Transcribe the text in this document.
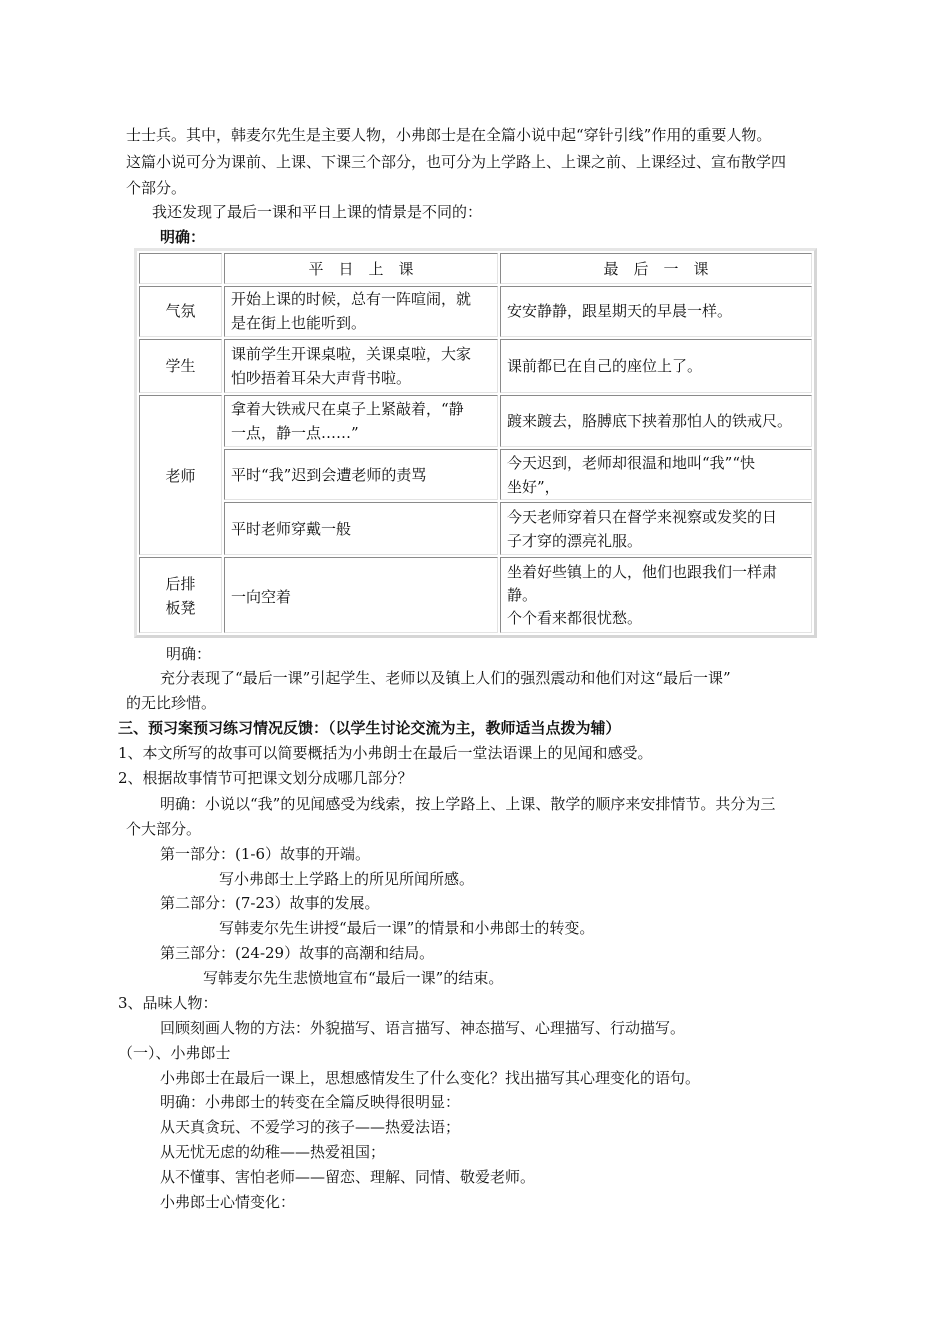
士士兵。其中，韩麦尔先生是主要人物，小弗郎士是在全篇小说中起“穿针引线”作用的重要人物。
这篇小说可分为课前、上课、下课三个部分，也可分为上学路上、上课之前、上课经过、宣布散学四
个部分。
我还发现了最后一课和平日上课的情景是不同的：
明确：
平　日　上　课	最　后　一　课
气氛
开始上课的时候，总有一阵喧闹，就
是在街上也能听到。
安安静静，跟星期天的早晨一样。
学生
课前学生开课桌啦，关课桌啦，大家
怕吵捂着耳朵大声背书啦。
课前都已在自己的座位上了。
老师
拿着大铁戒尺在桌子上紧敲着，“静
一点，静一点……”
踱来踱去，胳膊底下挟着那怕人的铁戒尺。
平时“我”迟到会遭老师的责骂
今天迟到，老师却很温和地叫“我”“快
坐好”，
平时老师穿戴一般
今天老师穿着只在督学来视察或发奖的日
子才穿的漂亮礼服。
后排
板凳
一向空着
坐着好些镇上的人，他们也跟我们一样肃
静。
个个看来都很忧愁。
明确：
充分表现了“最后一课”引起学生、老师以及镇上人们的强烈震动和他们对这“最后一课”
的无比珍惜。
三、预习案预习练习情况反馈：（以学生讨论交流为主，教师适当点拨为辅）
1、本文所写的故事可以简要概括为小弗朗士在最后一堂法语课上的见闻和感受。
2、根据故事情节可把课文划分成哪几部分？
明确：小说以“我”的见闻感受为线索，按上学路上、上课、散学的顺序来安排情节。共分为三
个大部分。
第一部分：(1-6）故事的开端。
写小弗郎士上学路上的所见所闻所感。
第二部分：(7-23）故事的发展。
写韩麦尔先生讲授“最后一课”的情景和小弗郎士的转变。
第三部分：(24-29）故事的高潮和结局。
写韩麦尔先生悲愤地宣布“最后一课”的结束。
3、品味人物：
回顾刻画人物的方法：外貌描写、语言描写、神态描写、心理描写、行动描写。
（一）、小弗郎士
小弗郎士在最后一课上，思想感情发生了什么变化？找出描写其心理变化的语句。
明确：小弗郎士的转变在全篇反映得很明显：
从天真贪玩、不爱学习的孩子——热爱法语；
从无忧无虑的幼稚——热爱祖国；
从不懂事、害怕老师——留恋、理解、同情、敬爱老师。
小弗郎士心情变化：
